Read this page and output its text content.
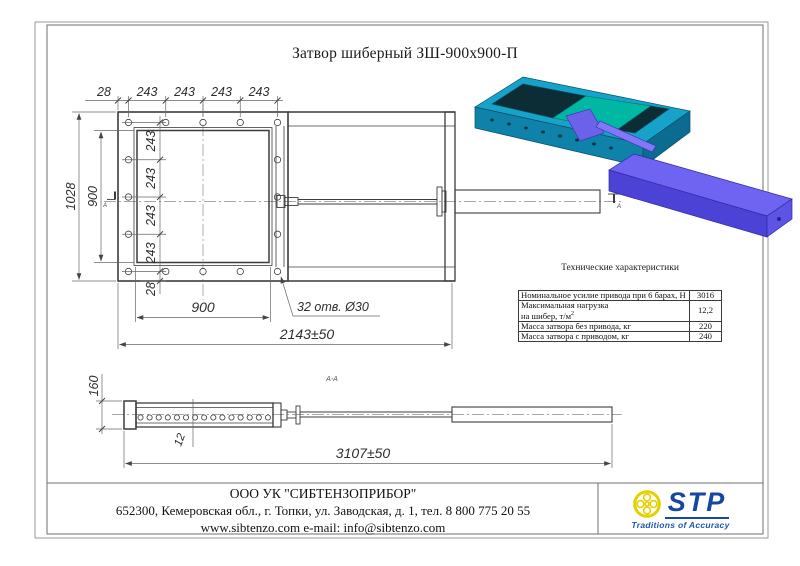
А	А
28 243 243 243 243
1028 900
243
243
243
243
28
900	32 отв. Ø30
2143±50
А-А
160
12
3107±50
Затвор шиберный ЗШ-900х900-П
Технические характеристики
Номинальное усилие привода при 6 барах, Н	3016
Максимальная нагрузка
на шибер, $т/м^2$	12,2
Масса затвора без привода, кг	220
Масса затвора с приводом, кг	240
ООО УК "СИБТЕНЗОПРИБОР"
652300, Кемеровская обл., г. Топки, ул. Заводская, д. 1, тел. 8 800 775 20 55
www.sibtenzo.com e-mail: info@sibtenzo.com
STP
Traditions of Accuracy
